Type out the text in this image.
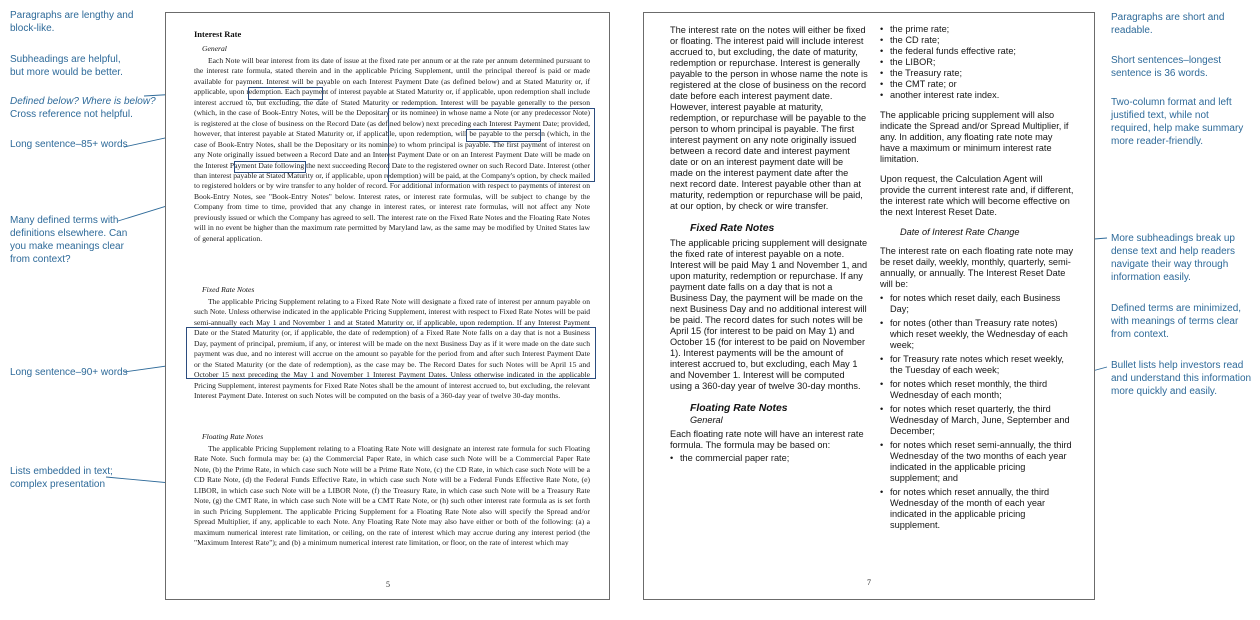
Paragraphs are lengthy and block-like.

Subheadings are helpful, but more would be better.

Defined below? Where is below?
Cross reference not helpful.

Long sentence–85+ words

Many defined terms with definitions elsewhere. Can you make meanings clear from context?

Long sentence–90+ words

Lists embedded in text; complex presentation

Paragraphs are short and readable.

Short sentences–longest sentence is 36 words.

Two-column format and left justified text, while not required, help make summary more reader-friendly.

More subheadings break up dense text and help readers navigate their way through information easily.

Defined terms are minimized, with meanings of terms clear from context.

Bullet lists help investors read and understand this information more quickly and easily.

Interest Rate

General

Each Note will bear interest from its date of issue at the fixed rate per annum or at the rate per annum determined pursuant to the interest rate formula, stated therein and in the applicable Pricing Supplement, until the principal thereof is paid or made available for payment. Interest will be payable on each Interest Payment Date (as defined below) and at Stated Maturity or, if applicable, upon redemption. Each payment of interest payable at Stated Maturity or, if applicable, upon redemption shall include interest accrued to, but excluding, the date of Stated Maturity or redemption. Interest will be payable generally to the person (which, in the case of Book-Entry Notes, will be the Depositary or its nominee) in whose name a Note (or any predecessor Note) is registered at the close of business on the Record Date (as defined below) next preceding each Interest Payment Date; provided, however, that interest payable at Stated Maturity or, if applicable, upon redemption, will be payable to the person (which, in the case of Book-Entry Notes, shall be the Depositary or its nominee) to whom principal is payable. The first payment of interest on any Note originally issued between a Record Date and an Interest Payment Date or on an Interest Payment Date will be made on the Interest Payment Date following the next succeeding Record Date to the registered owner on such Record Date. Interest (other than interest payable at Stated Maturity or, if applicable, upon redemption) will be paid, at the Company's option, by check mailed to registered holders or by wire transfer to any holder of record. For additional information with respect to payments of interest on Book-Entry Notes, see "Book-Entry Notes" below. Interest rates, or interest rate formulas, will be subject to change by the Company from time to time, provided that any change in interest rates, or interest rate formulas, will not affect any Note previously issued or which the Company has agreed to sell. The interest rate on the Fixed Rate Notes and the Floating Rate Notes will in no event be higher than the maximum rate permitted by Maryland law, as the same may be modified by United States law of general application.

Fixed Rate Notes

The applicable Pricing Supplement relating to a Fixed Rate Note will designate a fixed rate of interest per annum payable on such Note. Unless otherwise indicated in the applicable Pricing Supplement, interest with respect to Fixed Rate Notes will be paid semi-annually each May 1 and November 1 and at Stated Maturity or, if applicable, upon redemption. If any Interest Payment Date or the Stated Maturity (or, if applicable, the date of redemption) of a Fixed Rate Note falls on a day that is not a Business Day, payment of principal, premium, if any, or interest will be made on the next Business Day as if it were made on the date such payment was due, and no interest will accrue on the amount so payable for the period from and after such Interest Payment Date or the Stated Maturity (or the date of redemption), as the case may be. The Record Dates for such Notes will be April 15 and October 15 next preceding the May 1 and November 1 Interest Payment Dates. Unless otherwise indicated in the applicable Pricing Supplement, interest payments for Fixed Rate Notes shall be the amount of interest accrued to, but excluding, the relevant Interest Payment Date. Interest on such Notes will be computed on the basis of a 360-day year of twelve 30-day months.

Floating Rate Notes

The applicable Pricing Supplement relating to a Floating Rate Note will designate an interest rate formula for such Floating Rate Note. Such formula may be: (a) the Commercial Paper Rate, in which case such Note will be a Commercial Paper Rate Note, (b) the Prime Rate, in which case such Note will be a Prime Rate Note, (c) the CD Rate, in which case such Note will be a CD Rate Note, (d) the Federal Funds Effective Rate, in which case such Note will be a Federal Funds Effective Rate Note, (e) LIBOR, in which case such Note will be a LIBOR Note, (f) the Treasury Rate, in which case such Note will be a Treasury Rate Note, (g) the CMT Rate, in which case such Note will be a CMT Rate Note, or (h) such other interest rate formula as is set forth in such Pricing Supplement. The applicable Pricing Supplement for a Floating Rate Note also will specify the Spread and/or Spread Multiplier, if any, applicable to each Note. Any Floating Rate Note may also have either or both of the following: (a) a maximum numerical interest rate limitation, or ceiling, on the rate of interest which may accrue during any interest period (the "Maximum Interest Rate"); and (b) a minimum numerical interest rate limitation, or floor, on the rate of interest which may

5

The interest rate on the notes will either be fixed or floating. The interest paid will include interest accrued to, but excluding, the date of maturity, redemption or repurchase. Interest is generally payable to the person in whose name the note is registered at the close of business on the record date before each interest payment date. However, interest payable at maturity, redemption, or repurchase will be payable to the person to whom principal is payable. The first interest payment on any note originally issued between a record date and interest payment date or on an interest payment date will be made on the interest payment date after the next record date. Interest payable other than at maturity, redemption or repurchase will be paid, at our option, by check or wire transfer.

Fixed Rate Notes

The applicable pricing supplement will designate the fixed rate of interest payable on a note. Interest will be paid May 1 and November 1, and upon maturity, redemption or repurchase. If any payment date falls on a day that is not a Business Day, the payment will be made on the next Business Day and no additional interest will be paid. The record dates for such notes will be April 15 (for interest to be paid on May 1) and October 15 (for interest to be paid on November 1). Interest payments will be the amount of interest accrued to, but excluding, each May 1 and November 1. Interest will be computed using a 360-day year of twelve 30-day months.

Floating Rate Notes

General

Each floating rate note will have an interest rate formula. The formula may be based on:

• the commercial paper rate;
• the prime rate;
• the CD rate;
• the federal funds effective rate;
• the LIBOR;
• the Treasury rate;
• the CMT rate; or
• another interest rate index.

The applicable pricing supplement will also indicate the Spread and/or Spread Multiplier, if any. In addition, any floating rate note may have a maximum or minimum interest rate limitation.

Upon request, the Calculation Agent will provide the current interest rate and, if different, the interest rate which will become effective on the next Interest Reset Date.

Date of Interest Rate Change

The interest rate on each floating rate note may be reset daily, weekly, monthly, quarterly, semi-annually, or annually. The Interest Reset Date will be:

• for notes which reset daily, each Business Day;
• for notes (other than Treasury rate notes) which reset weekly, the Wednesday of each week;
• for Treasury rate notes which reset weekly, the Tuesday of each week;
• for notes which reset monthly, the third Wednesday of each month;
• for notes which reset quarterly, the third Wednesday of March, June, September and December;
• for notes which reset semi-annually, the third Wednesday of the two months of each year indicated in the applicable pricing supplement; and
• for notes which reset annually, the third Wednesday of the month of each year indicated in the applicable pricing supplement.

7
